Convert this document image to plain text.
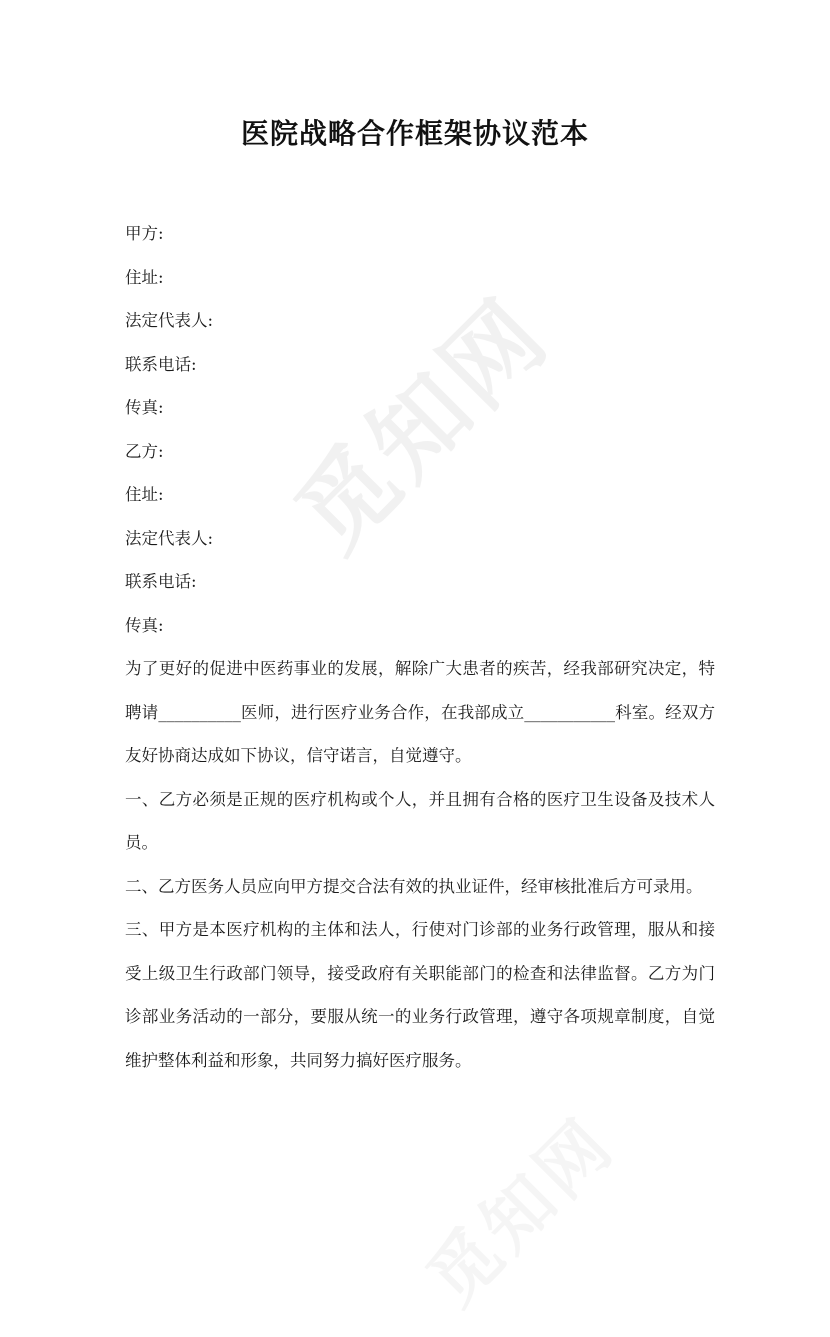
觅知网
医院战略合作框架协议范本
甲方:
住址:
法定代表人:
联系电话:
传真:
乙方:
住址:
法定代表人:
联系电话:
传真:

为了更好的促进中医药事业的发展，解除广大患者的疾苦，经我部研究决定，特聘请__________医师，进行医疗业务合作，在我部成立___________科室。经双方友好协商达成如下协议，信守诺言，自觉遵守。

一、乙方必须是正规的医疗机构或个人，并且拥有合格的医疗卫生设备及技术人员。

二、乙方医务人员应向甲方提交合法有效的执业证件，经审核批准后方可录用。

三、甲方是本医疗机构的主体和法人，行使对门诊部的业务行政管理，服从和接受上级卫生行政部门领导，接受政府有关职能部门的检查和法律监督。乙方为门诊部业务活动的一部分，要服从统一的业务行政管理，遵守各项规章制度，自觉维护整体利益和形象，共同努力搞好医疗服务。
